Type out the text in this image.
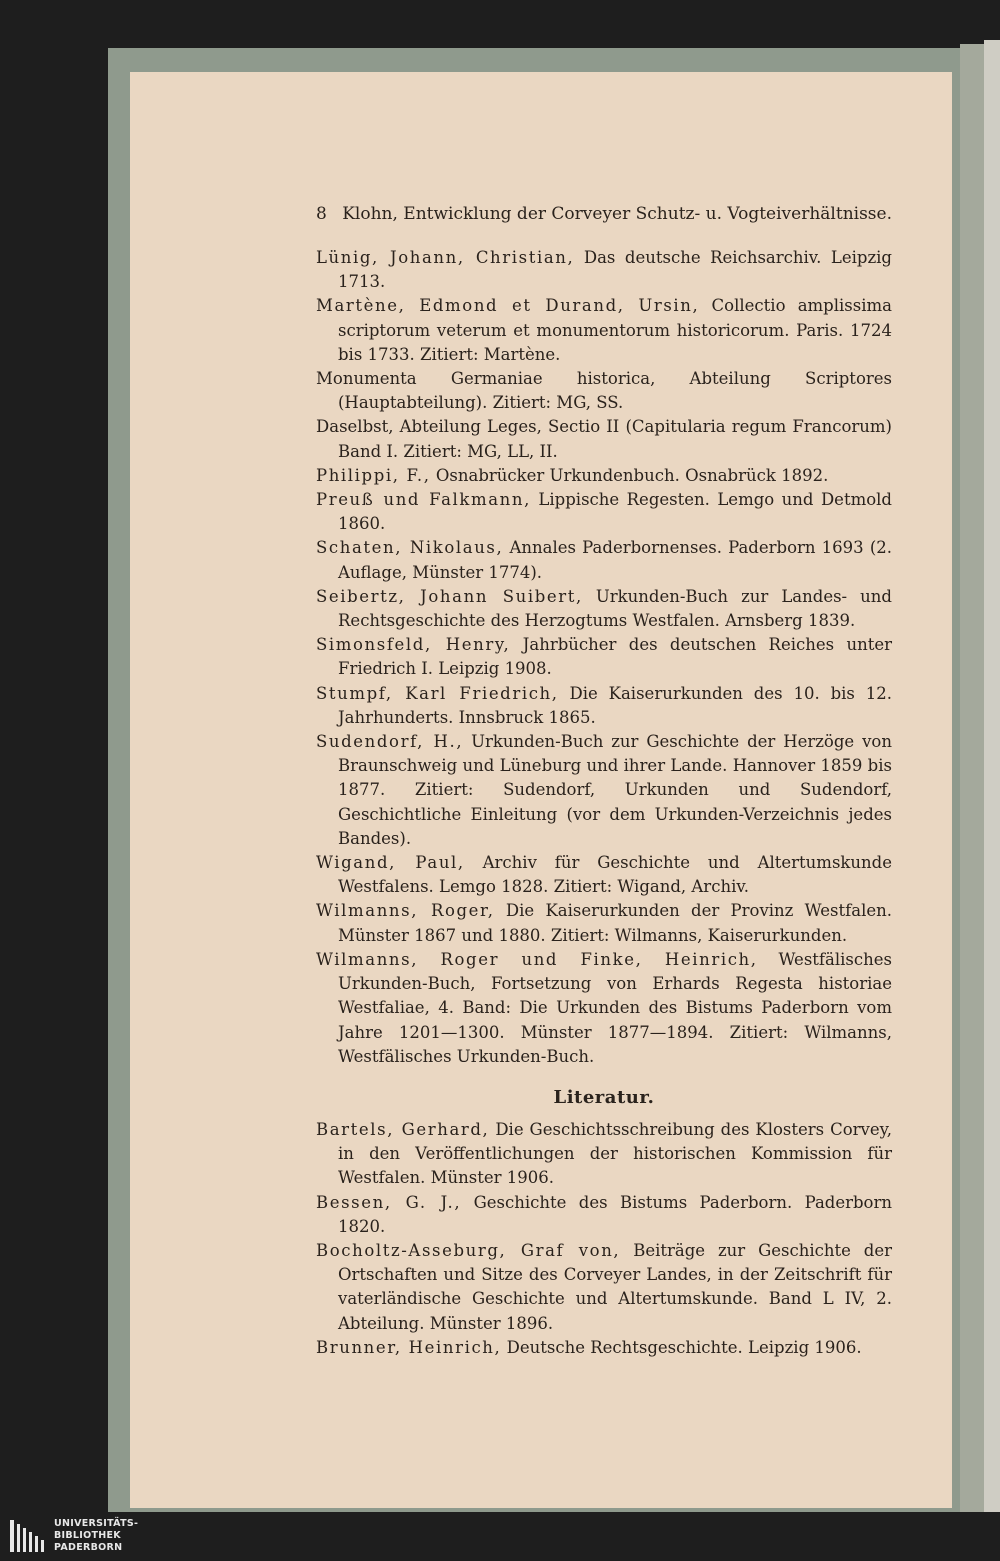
8 Klohn, Entwicklung der Corveyer Schutz- u. Vogteiverhältnisse.
Lünig, Johann, Christian, Das deutsche Reichsarchiv. Leipzig 1713.
Martène, Edmond et Durand, Ursin, Collectio amplissima scriptorum veterum et monumentorum historicorum. Paris. 1724 bis 1733. Zitiert: Martène.
Monumenta Germaniae historica, Abteilung Scriptores (Hauptabteilung). Zitiert: MG, SS.
Daselbst, Abteilung Leges, Sectio II (Capitularia regum Francorum) Band I. Zitiert: MG, LL, II.
Philippi, F., Osnabrücker Urkundenbuch. Osnabrück 1892.
Preuß und Falkmann, Lippische Regesten. Lemgo und Detmold 1860.
Schaten, Nikolaus, Annales Paderbornenses. Paderborn 1693 (2. Auflage, Münster 1774).
Seibertz, Johann Suibert, Urkunden-Buch zur Landes- und Rechtsgeschichte des Herzogtums Westfalen. Arnsberg 1839.
Simonsfeld, Henry, Jahrbücher des deutschen Reiches unter Friedrich I. Leipzig 1908.
Stumpf, Karl Friedrich, Die Kaiserurkunden des 10. bis 12. Jahrhunderts. Innsbruck 1865.
Sudendorf, H., Urkunden-Buch zur Geschichte der Herzöge von Braunschweig und Lüneburg und ihrer Lande. Hannover 1859 bis 1877. Zitiert: Sudendorf, Urkunden und Sudendorf, Geschichtliche Einleitung (vor dem Urkunden-Verzeichnis jedes Bandes).
Wigand, Paul, Archiv für Geschichte und Altertumskunde Westfalens. Lemgo 1828. Zitiert: Wigand, Archiv.
Wilmanns, Roger, Die Kaiserurkunden der Provinz Westfalen. Münster 1867 und 1880. Zitiert: Wilmanns, Kaiserurkunden.
Wilmanns, Roger und Finke, Heinrich, Westfälisches Urkunden-Buch, Fortsetzung von Erhards Regesta historiae Westfaliae, 4. Band: Die Urkunden des Bistums Paderborn vom Jahre 1201—1300. Münster 1877—1894. Zitiert: Wilmanns, Westfälisches Urkunden-Buch.
Literatur.
Bartels, Gerhard, Die Geschichtsschreibung des Klosters Corvey, in den Veröffentlichungen der historischen Kommission für Westfalen. Münster 1906.
Bessen, G. J., Geschichte des Bistums Paderborn. Paderborn 1820.
Bocholtz-Asseburg, Graf von, Beiträge zur Geschichte der Ortschaften und Sitze des Corveyer Landes, in der Zeitschrift für vaterländische Geschichte und Altertumskunde. Band L IV, 2. Abteilung. Münster 1896.
Brunner, Heinrich, Deutsche Rechtsgeschichte. Leipzig 1906.
UNIVERSITÄTS-
BIBLIOTHEK
PADERBORN
